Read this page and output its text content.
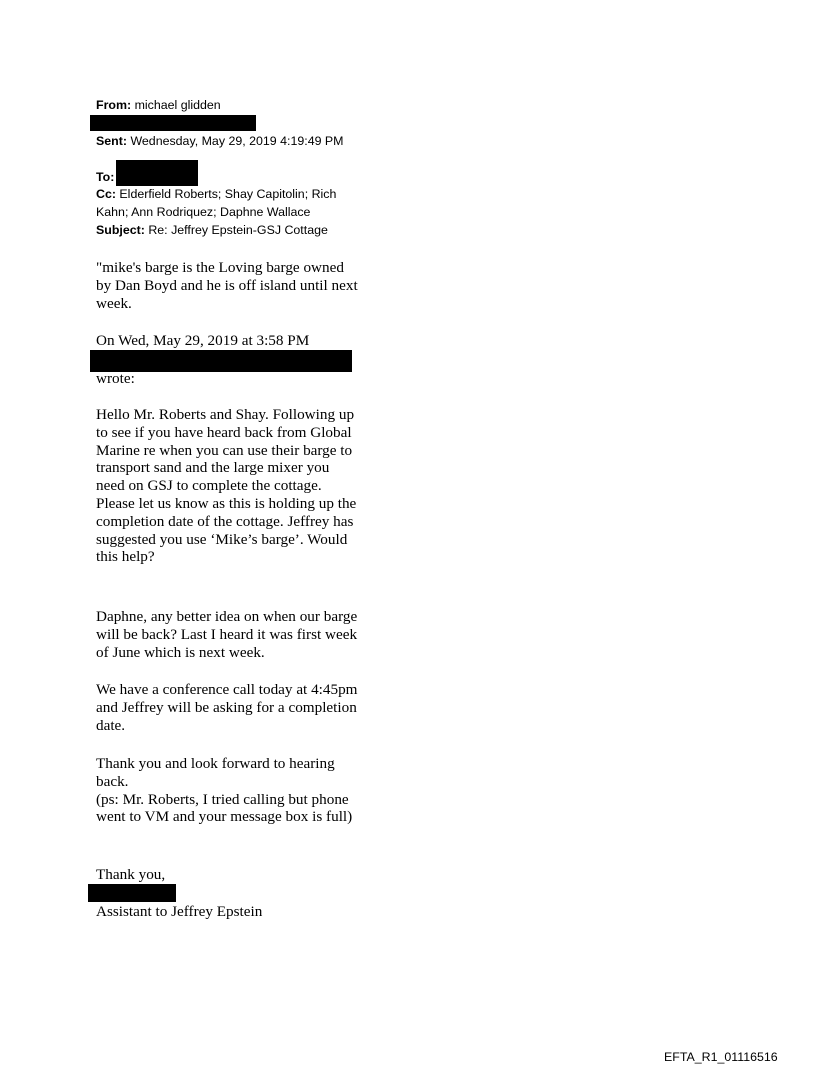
From: michael glidden
Sent: Wednesday, May 29, 2019 4:19:49 PM
To:
Cc: Elderfield Roberts; Shay Capitolin; Rich Kahn; Ann Rodriquez; Daphne Wallace
Subject: Re: Jeffrey Epstein-GSJ Cottage
"mike's barge is the Loving barge owned by Dan Boyd and he is off island until next week.
On Wed, May 29, 2019 at 3:58 PM
wrote:
Hello Mr. Roberts and Shay. Following up to see if you have heard back from Global Marine re when you can use their barge to transport sand and the large mixer you need on GSJ to complete the cottage. Please let us know as this is holding up the completion date of the cottage. Jeffrey has suggested you use ‘Mike’s barge’. Would this help?
Daphne, any better idea on when our barge will be back? Last I heard it was first week of June which is next week.
We have a conference call today at 4:45pm and Jeffrey will be asking for a completion date.
Thank you and look forward to hearing back.
(ps: Mr. Roberts, I tried calling but phone went to VM and your message box is full)
Thank you,
Assistant to Jeffrey Epstein
EFTA_R1_01116516
